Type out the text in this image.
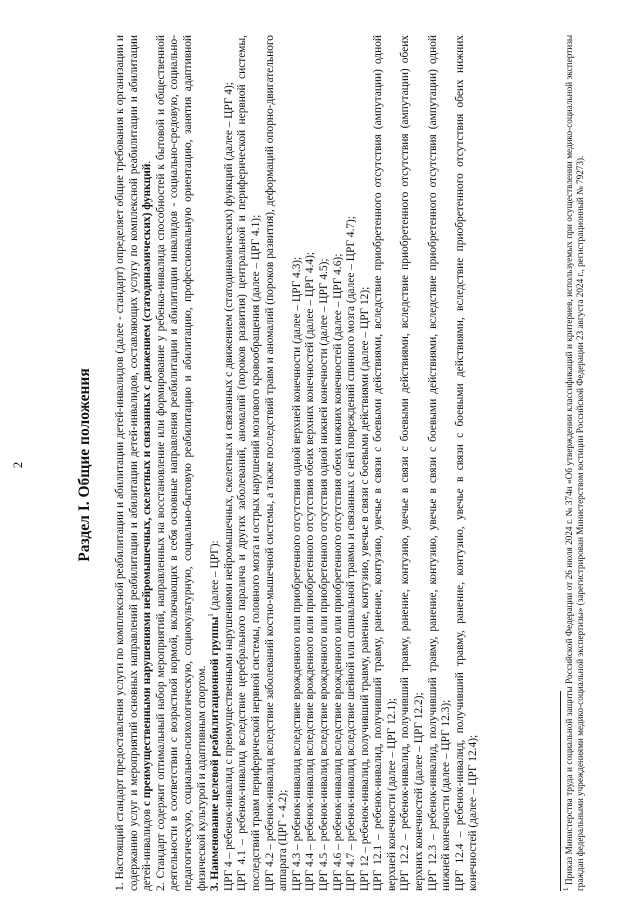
2	Раздел I. Общие положения 1. Настоящий стандарт предоставления услуги по комплексной реабилитации и абилитации детей-инвалидов (далее - стандарт) определяет общие требования к организации и содержанию услуг и мероприятий основных направлений реабилитации и абилитации детей-инвалидов, составляющих услугу по комплексной реабилитации и абилитации детей-инвалидов с преимущественными нарушениями нейромышечных, скелетных и связанных с движением (статодинамических) функций. 2. Стандарт содержит оптимальный набор мероприятий, направленных на восстановление или формирование у ребенка-инвалида способностей к бытовой и общественной деятельности в соответствии с возрастной нормой, включающих в себя основные направления реабилитации и абилитации инвалидов - социально-средовую, социально-педагогическую, социально-психологическую, социокультурную, социально-бытовую реабилитацию и абилитацию, профессиональную ориентацию, занятия адаптивной физической культурой и адаптивным спортом. 3. Наименование целевой реабилитационной группы$^1$ (далее – ЦРГ): ЦРГ 4 – ребенок-инвалид с преимущественными нарушениями нейромышечных, скелетных и связанных с движением (статодинамических) функций (далее – ЦРГ 4); ЦРГ 4.1 – ребенок-инвалид вследствие церебрального паралича и других заболеваний, аномалий (пороков развития) центральной и периферической нервной системы, последствий травм периферической нервной системы, головного мозга и острых нарушений мозгового кровообращения (далее – ЦРГ 4.1); ЦРГ 4.2 – ребенок-инвалид вследствие заболеваний костно-мышечной системы, а также последствий травм и аномалий (пороков развития), деформаций опорно-двигательного аппарата (ЦРГ - 4.2); ЦРГ 4.3 – ребенок-инвалид вследствие врожденного или приобретенного отсутствия одной верхней конечности (далее – ЦРГ 4.3); ЦРГ 4.4 – ребенок-инвалид вследствие врожденного или приобретенного отсутствия обеих верхних конечностей (далее – ЦРГ 4.4); ЦРГ 4.5 – ребенок-инвалид вследствие врожденного или приобретенного отсутствия одной нижней конечности (далее – ЦРГ 4.5); ЦРГ 4.6 – ребенок-инвалид вследствие врожденного или приобретенного отсутствия обеих нижних конечностей (далее – ЦРГ 4.6); ЦРГ 4.7 – ребенок-инвалид вследствие шейной или спинальной травмы и связанных с ней повреждений спинного мозга (далее – ЦРГ 4.7); ЦРГ 12 – ребенок-инвалид, получивший травму, ранение, контузию, увечье в связи с боевыми действиями (далее – ЦРГ 12); ЦРГ 12.1 – ребенок-инвалид, получивший травму, ранение, контузию, увечье в связи с боевыми действиями, вследствие приобретенного отсутствия (ампутации) одной верхней конечности (далее – ЦРГ 12.1); ЦРГ 12.2 – ребенок-инвалид, получивший травму, ранение, контузию, увечье в связи с боевыми действиями, вследствие приобретенного отсутствия (ампутации) обеих верхних конечностей (далее – ЦРГ 12.2); ЦРГ 12.3 – ребенок-инвалид, получивший травму, ранение, контузию, увечье в связи с боевыми действиями, вследствие приобретенного отсутствия (ампутации) одной нижней конечности (далее – ЦРГ 12.3); ЦРГ 12.4 – ребенок-инвалид, получивший травму, ранение, контузию, увечье в связи с боевыми действиями, вследствие приобретенного отсутствия обеих нижних конечностей (далее – ЦРГ 12.4);	$^1$ Приказ Министерства труда и социальной защиты Российской Федерации от 26 июля 2024 г. № 374н «Об утверждении классификаций и критериев, используемых при осуществлении медико-социальной экспертизы граждан федеральными учреждениями медико-социальной экспертизы» (зарегистрирован Министерством юстиции Российской Федерации 23 августа 2024 г., регистрационный № 79273).
